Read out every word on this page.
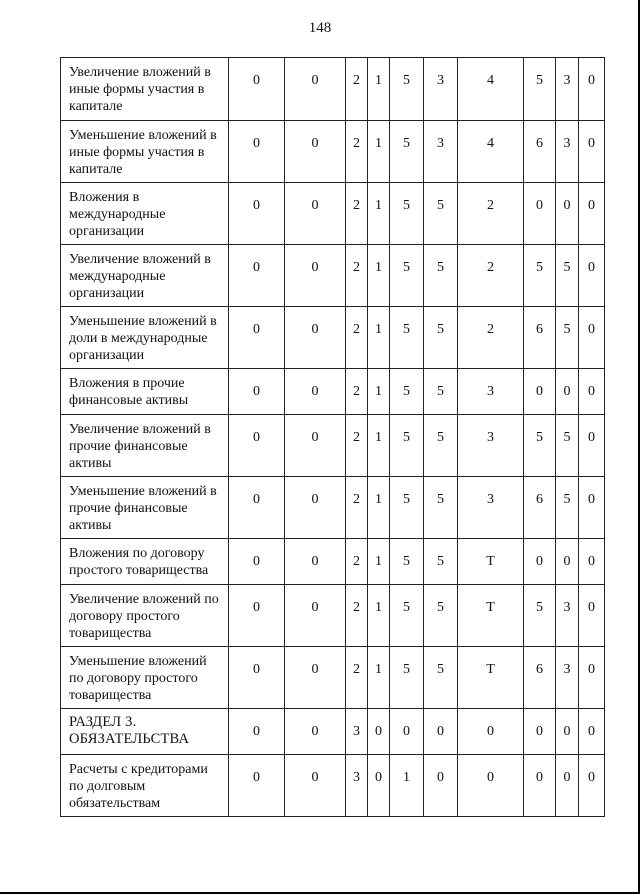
148
Увеличение вложений в иные формы участия в капитале	0	0	2	1	5	3	4	5	3	0
Уменьшение вложений в иные формы участия в капитале	0	0	2	1	5	3	4	6	3	0
Вложения в международные организации	0	0	2	1	5	5	2	0	0	0
Увеличение вложений в международные организации	0	0	2	1	5	5	2	5	5	0
Уменьшение вложений в доли в международные организации	0	0	2	1	5	5	2	6	5	0
Вложения в прочие финансовые активы	0	0	2	1	5	5	3	0	0	0
Увеличение вложений в прочие финансовые активы	0	0	2	1	5	5	3	5	5	0
Уменьшение вложений в прочие финансовые активы	0	0	2	1	5	5	3	6	5	0
Вложения по договору простого товарищества	0	0	2	1	5	5	Т	0	0	0
Увеличение вложений по договору простого товарищества	0	0	2	1	5	5	Т	5	3	0
Уменьшение вложений по договору простого товарищества	0	0	2	1	5	5	Т	6	3	0
РАЗДЕЛ 3. ОБЯЗАТЕЛЬСТВА	0	0	3	0	0	0	0	0	0	0
Расчеты с кредиторами по долговым обязательствам	0	0	3	0	1	0	0	0	0	0
